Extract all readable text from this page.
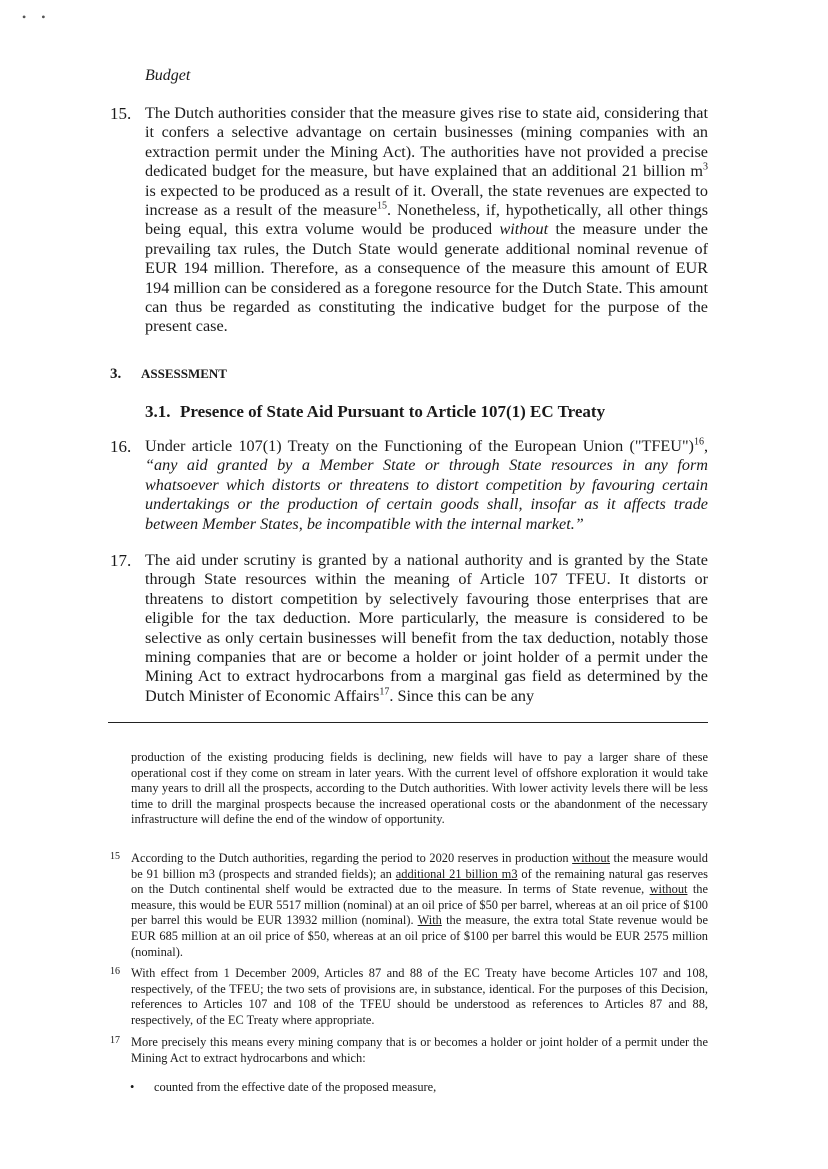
• •
Budget
15. The Dutch authorities consider that the measure gives rise to state aid, considering that it confers a selective advantage on certain businesses (mining companies with an extraction permit under the Mining Act). The authorities have not provided a precise dedicated budget for the measure, but have explained that an additional 21 billion $m^3$ is expected to be produced as a result of it. Overall, the state revenues are expected to increase as a result of the measure$^{15}$. Nonetheless, if, hypothetically, all other things being equal, this extra volume would be produced without the measure under the prevailing tax rules, the Dutch State would generate additional nominal revenue of EUR 194 million. Therefore, as a consequence of the measure this amount of EUR 194 million can be considered as a foregone resource for the Dutch State. This amount can thus be regarded as constituting the indicative budget for the purpose of the present case.
3. ASSESSMENT
3.1. Presence of State Aid Pursuant to Article 107(1) EC Treaty
16. Under article 107(1) Treaty on the Functioning of the European Union ("TFEU")$^{16}$, “any aid granted by a Member State or through State resources in any form whatsoever which distorts or threatens to distort competition by favouring certain undertakings or the production of certain goods shall, insofar as it affects trade between Member States, be incompatible with the internal market.”
17. The aid under scrutiny is granted by a national authority and is granted by the State through State resources within the meaning of Article 107 TFEU. It distorts or threatens to distort competition by selectively favouring those enterprises that are eligible for the tax deduction. More particularly, the measure is considered to be selective as only certain businesses will benefit from the tax deduction, notably those mining companies that are or become a holder or joint holder of a permit under the Mining Act to extract hydrocarbons from a marginal gas field as determined by the Dutch Minister of Economic Affairs$^{17}$. Since this can be any
production of the existing producing fields is declining, new fields will have to pay a larger share of these operational cost if they come on stream in later years. With the current level of offshore exploration it would take many years to drill all the prospects, according to the Dutch authorities. With lower activity levels there will be less time to drill the marginal prospects because the increased operational costs or the abandonment of the necessary infrastructure will define the end of the window of opportunity.
15 According to the Dutch authorities, regarding the period to 2020 reserves in production without the measure would be 91 billion m3 (prospects and stranded fields); an additional 21 billion m3 of the remaining natural gas reserves on the Dutch continental shelf would be extracted due to the measure. In terms of State revenue, without the measure, this would be EUR 5517 million (nominal) at an oil price of $50 per barrel, whereas at an oil price of $100 per barrel this would be EUR 13932 million (nominal). With the measure, the extra total State revenue would be EUR 685 million at an oil price of $50, whereas at an oil price of $100 per barrel this would be EUR 2575 million (nominal).
16 With effect from 1 December 2009, Articles 87 and 88 of the EC Treaty have become Articles 107 and 108, respectively, of the TFEU; the two sets of provisions are, in substance, identical. For the purposes of this Decision, references to Articles 107 and 108 of the TFEU should be understood as references to Articles 87 and 88, respectively, of the EC Treaty where appropriate.
17 More precisely this means every mining company that is or becomes a holder or joint holder of a permit under the Mining Act to extract hydrocarbons and which:
• counted from the effective date of the proposed measure,
